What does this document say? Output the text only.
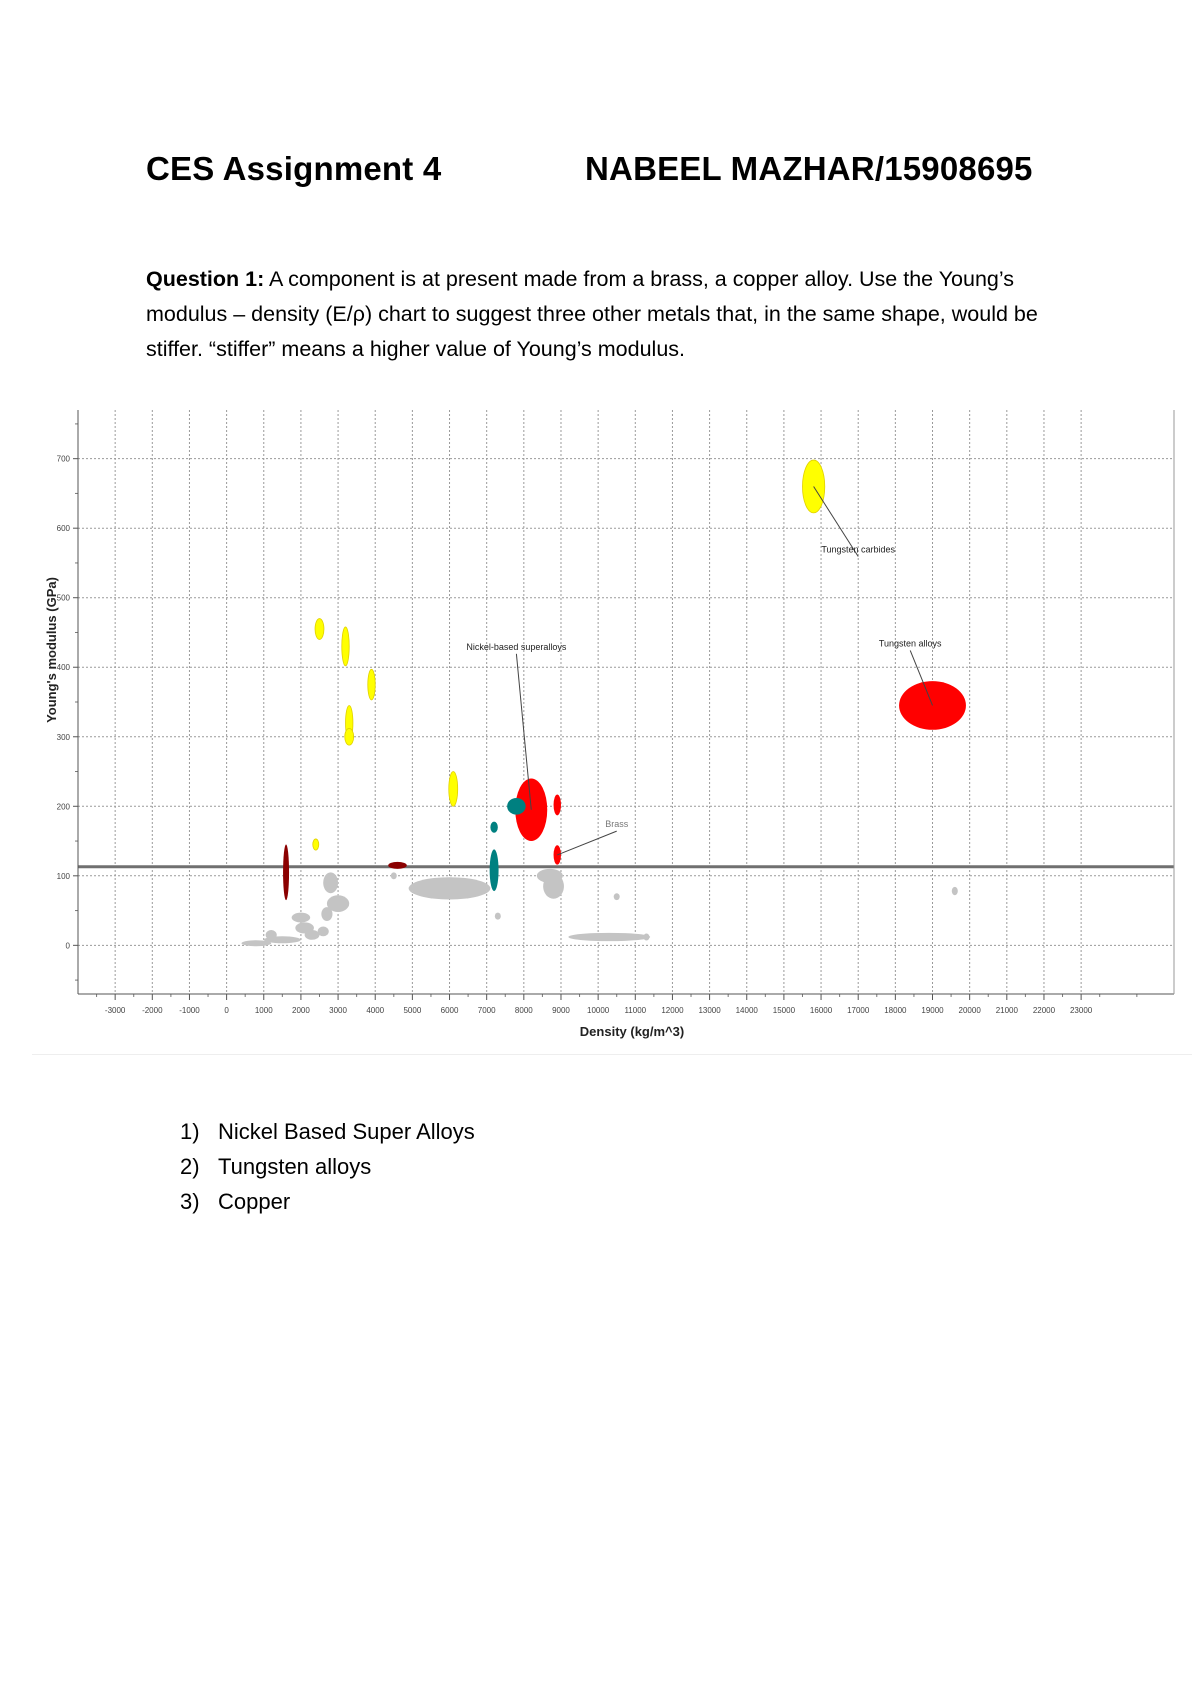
CES Assignment 4	NABEEL MAZHAR/15908695

Question 1: A component is at present made from a brass, a copper alloy. Use the Young’s modulus – density (E/ρ) chart to suggest three other metals that, in the same shape, would be stiffer. “stiffer” means a higher value of Young’s modulus.

Tungsten carbides
Tungsten alloys
Nickel-based superalloys
Brass
-3000 -2000 -1000	0	1000 2000 3000 4000 5000 6000 7000 8000 9000 10000 11000 12000 13000 14000 15000 16000 17000 18000 19000 20000 21000 22000 23000
0
100
200
300
400
500
600
700
Density (kg/m^3)
Young's modulus (GPa)
1) Nickel Based Super Alloys
2) Tungsten alloys
3) Copper
